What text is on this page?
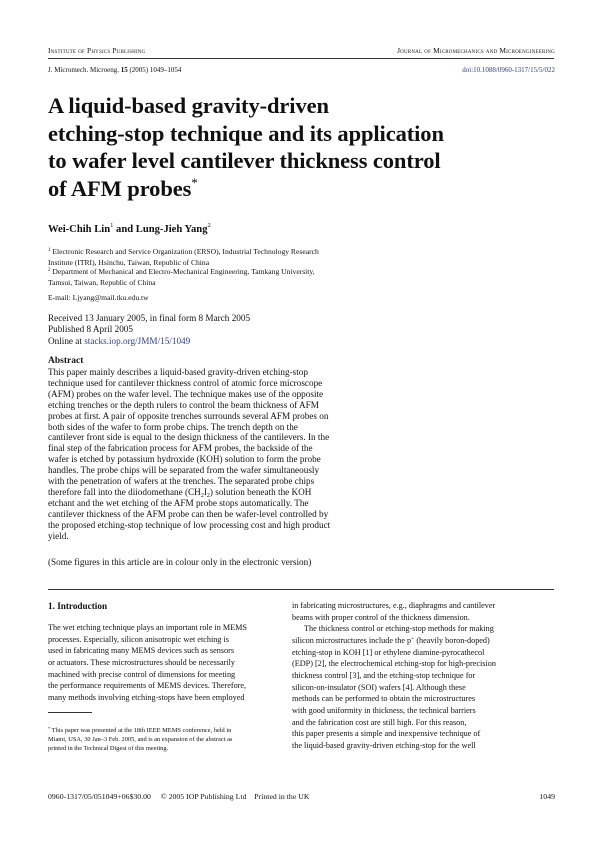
Institute of Physics Publishing	Journal of Micromechanics and Microengineering
J. Micromech. Microeng. 15 (2005) 1049–1054	doi:10.1088/0960-1317/15/5/022
A liquid-based gravity-driven
etching-stop technique and its application
to wafer level cantilever thickness control
of AFM probes*
Wei-Chih Lin$^1$ and Lung-Jieh Yang$^2$
$^1$ Electronic Research and Service Organization (ERSO), Industrial Technology Research
Institute (ITRI), Hsinchu, Taiwan, Republic of China
$^2$ Department of Mechanical and Electro-Mechanical Engineering, Tamkang University,
Tamsui, Taiwan, Republic of China
E-mail: Ljyang@mail.tku.edu.tw
Received 13 January 2005, in final form 8 March 2005
Published 8 April 2005
Online at stacks.iop.org/JMM/15/1049
Abstract
This paper mainly describes a liquid-based gravity-driven etching-stop
technique used for cantilever thickness control of atomic force microscope
(AFM) probes on the wafer level. The technique makes use of the opposite
etching trenches or the depth rulers to control the beam thickness of AFM
probes at first. A pair of opposite trenches surrounds several AFM probes on
both sides of the wafer to form probe chips. The trench depth on the
cantilever front side is equal to the design thickness of the cantilevers. In the
final step of the fabrication process for AFM probes, the backside of the
wafer is etched by potassium hydroxide (KOH) solution to form the probe
handles. The probe chips will be separated from the wafer simultaneously
with the penetration of wafers at the trenches. The separated probe chips
therefore fall into the diiodomethane $(CH_2I_2)$ solution beneath the KOH
etchant and the wet etching of the AFM probe stops automatically. The
cantilever thickness of the AFM probe can then be wafer-level controlled by
the proposed etching-stop technique of low processing cost and high product
yield.
(Some figures in this article are in colour only in the electronic version)
1. Introduction
The wet etching technique plays an important role in MEMS
processes. Especially, silicon anisotropic wet etching is
used in fabricating many MEMS devices such as sensors
or actuators. These microstructures should be necessarily
machined with precise control of dimensions for meeting
the performance requirements of MEMS devices. Therefore,
many methods involving etching-stops have been employed

in fabricating microstructures, e.g., diaphragms and cantilever
beams with proper control of the thickness dimension.

The thickness control or etching-stop methods for making
silicon microstructures include the p+ (heavily boron-doped)
etching-stop in KOH [1] or ethylene diamine-pyrocathecol
(EDP) [2], the electrochemical etching-stop for high-precision
thickness control [3], and the etching-stop technique for
silicon-on-insulator (SOI) wafers [4]. Although these
methods can be performed to obtain the microstructures
with good uniformity in thickness, the technical barriers
and the fabrication cost are still high. For this reason,
this paper presents a simple and inexpensive technique of
the liquid-based gravity-driven etching-stop for the well

* This paper was presented at the 18th IEEE MEMS conference, held in
Miami, USA, 30 Jan–3 Feb. 2005, and is an expansion of the abstract as
printed in the Technical Digest of this meeting.
0960-1317/05/051049+06$30.00 © 2005 IOP Publishing Ltd Printed in the UK	1049
